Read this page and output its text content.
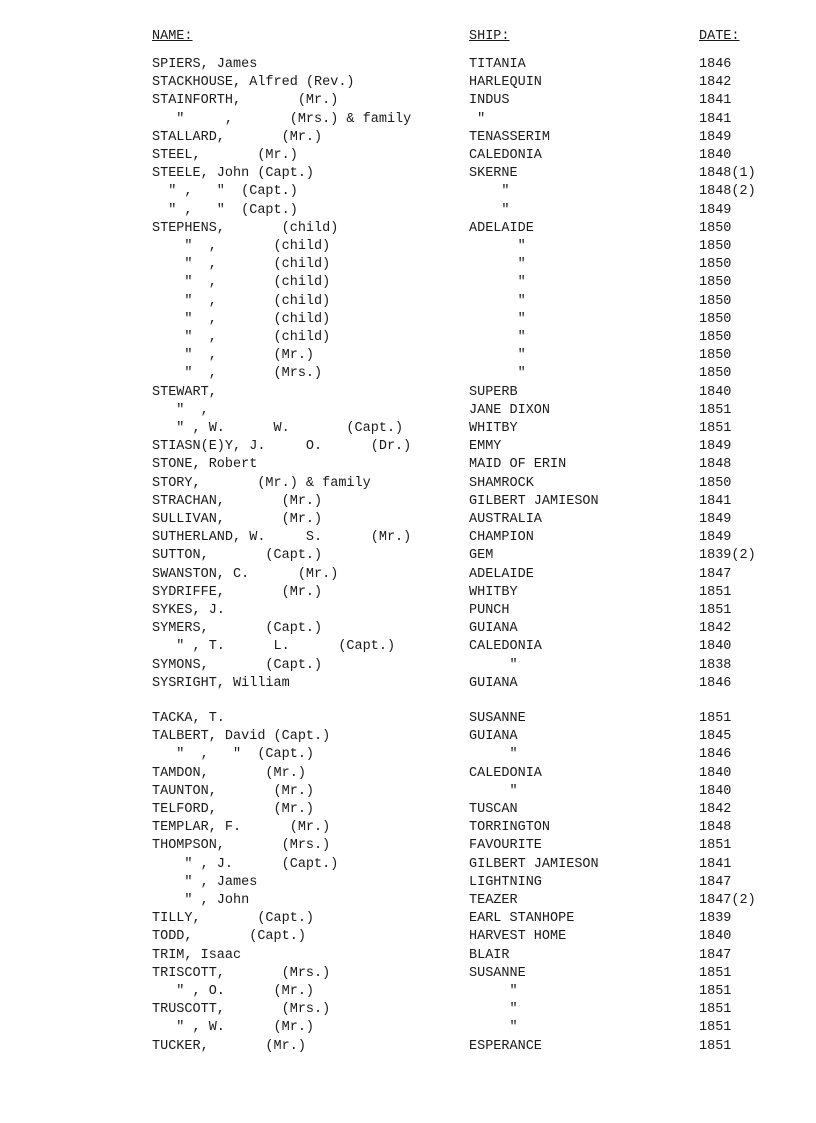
NAME:	SHIP:	DATE:
SPIERS, James	TITANIA	1846
STACKHOUSE, Alfred (Rev.)	HARLEQUIN	1842
STAINFORTH,       (Mr.)	INDUS	1841
"     ,       (Mrs.) & family	"	1841
STALLARD,       (Mr.)	TENASSERIM	1849
STEEL,       (Mr.)	CALEDONIA	1840
STEELE, John (Capt.)	SKERNE	1848(1)
" ,   "  (Capt.)	"	1848(2)
" ,   "  (Capt.)	"	1849
STEPHENS,       (child)	ADELAIDE	1850
"  ,       (child)	"	1850
"  ,       (child)	"	1850
"  ,       (child)	"	1850
"  ,       (child)	"	1850
"  ,       (child)	"	1850
"  ,       (child)	"	1850
"  ,       (Mr.)	"	1850
"  ,       (Mrs.)	"	1850
STEWART,	SUPERB	1840
"  ,	JANE DIXON	1851
" , W.      W.       (Capt.)	WHITBY	1851
STIASN(E)Y, J.     O.      (Dr.)	EMMY	1849
STONE, Robert	MAID OF ERIN	1848
STORY,       (Mr.) & family	SHAMROCK	1850
STRACHAN,       (Mr.)	GILBERT JAMIESON	1841
SULLIVAN,       (Mr.)	AUSTRALIA	1849
SUTHERLAND, W.     S.      (Mr.)	CHAMPION	1849
SUTTON,       (Capt.)	GEM	1839(2)
SWANSTON, C.      (Mr.)	ADELAIDE	1847
SYDRIFFE,       (Mr.)	WHITBY	1851
SYKES, J.	PUNCH	1851
SYMERS,       (Capt.)	GUIANA	1842
" , T.      L.      (Capt.)	CALEDONIA	1840
SYMONS,       (Capt.)	"	1838
SYSRIGHT, William	GUIANA	1846
TACKA, T.	SUSANNE	1851
TALBERT, David (Capt.)	GUIANA	1845
"  ,   "  (Capt.)	"	1846
TAMDON,       (Mr.)	CALEDONIA	1840
TAUNTON,       (Mr.)	"	1840
TELFORD,       (Mr.)	TUSCAN	1842
TEMPLAR, F.      (Mr.)	TORRINGTON	1848
THOMPSON,       (Mrs.)	FAVOURITE	1851
" , J.      (Capt.)	GILBERT JAMIESON	1841
" , James	LIGHTNING	1847
" , John	TEAZER	1847(2)
TILLY,       (Capt.)	EARL STANHOPE	1839
TODD,       (Capt.)	HARVEST HOME	1840
TRIM, Isaac	BLAIR	1847
TRISCOTT,       (Mrs.)	SUSANNE	1851
" , O.      (Mr.)	"	1851
TRUSCOTT,       (Mrs.)	"	1851
" , W.      (Mr.)	"	1851
TUCKER,       (Mr.)	ESPERANCE	1851
